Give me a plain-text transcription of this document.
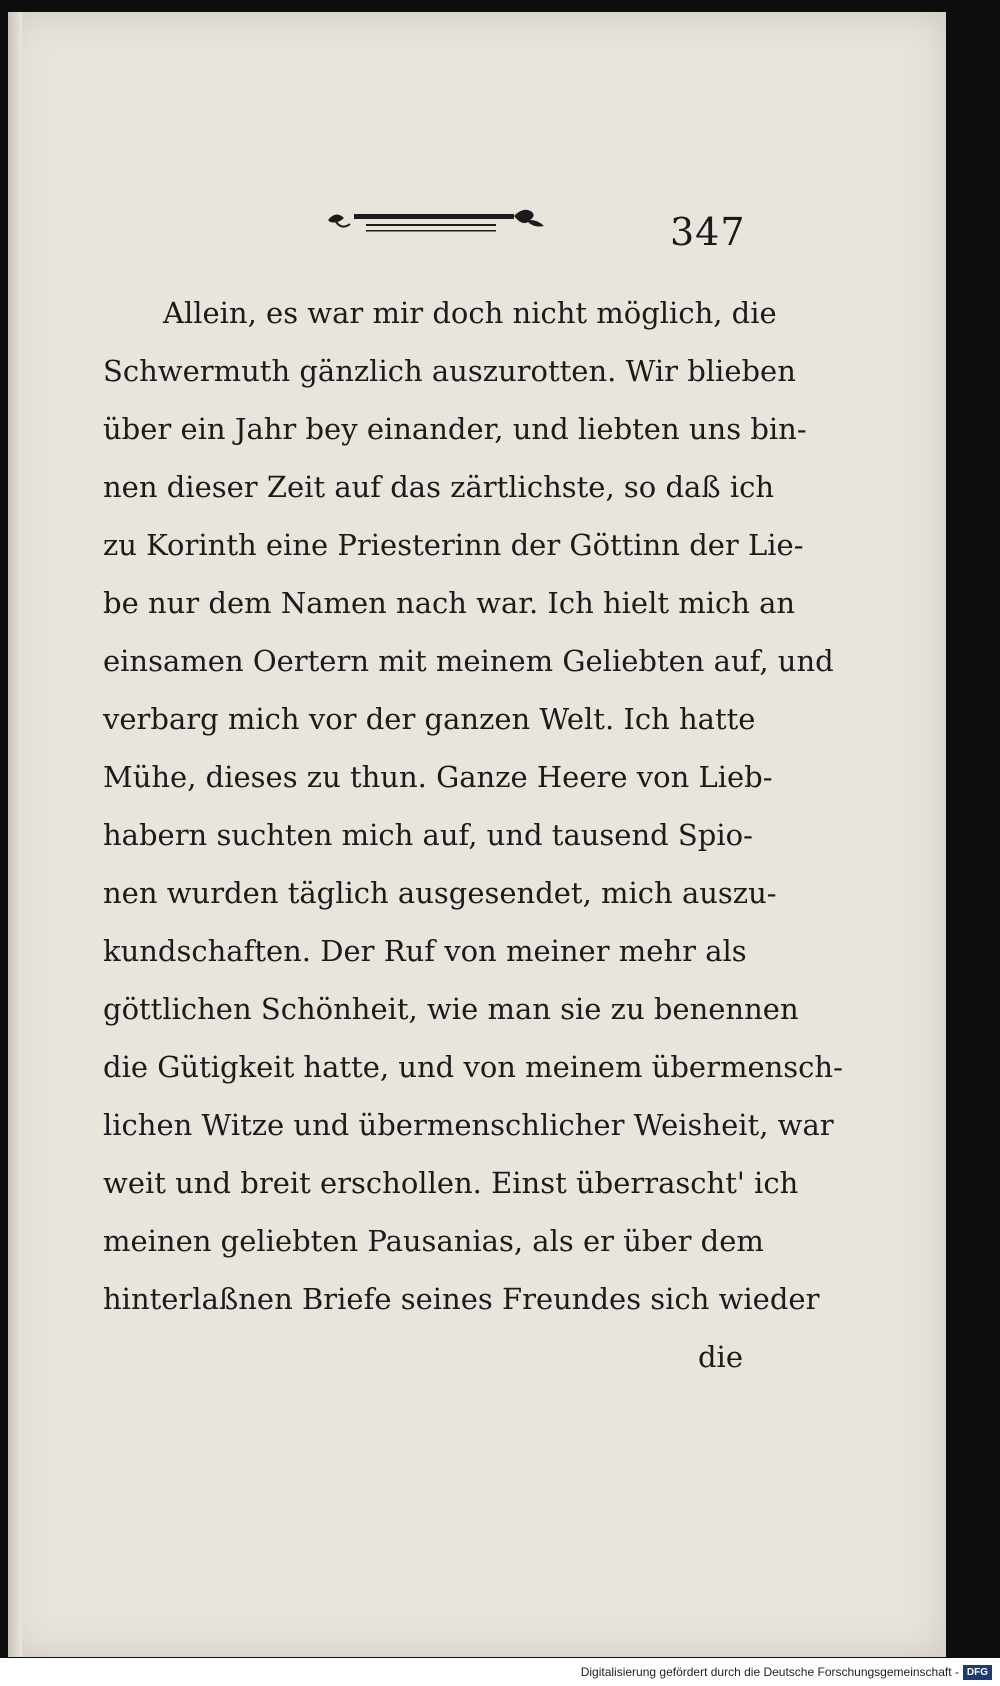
347
Allein, es war mir doch nicht möglich, die
Schwermuth gänzlich auszurotten. Wir blieben
über ein Jahr bey einander, und liebten uns bin-
nen dieser Zeit auf das zärtlichste, so daß ich
zu Korinth eine Priesterinn der Göttinn der Lie-
be nur dem Namen nach war. Ich hielt mich an
einsamen Oertern mit meinem Geliebten auf, und
verbarg mich vor der ganzen Welt. Ich hatte
Mühe, dieses zu thun. Ganze Heere von Lieb-
habern suchten mich auf, und tausend Spio-
nen wurden täglich ausgesendet, mich auszu-
kundschaften. Der Ruf von meiner mehr als
göttlichen Schönheit, wie man sie zu benennen
die Gütigkeit hatte, und von meinem übermensch-
lichen Witze und übermenschlicher Weisheit, war
weit und breit erschollen. Einst überrascht' ich
meinen geliebten Pausanias, als er über dem
hinterlaßnen Briefe seines Freundes sich wieder
die
Digitalisierung gefördert durch die Deutsche Forschungsgemeinschaft - DFG
